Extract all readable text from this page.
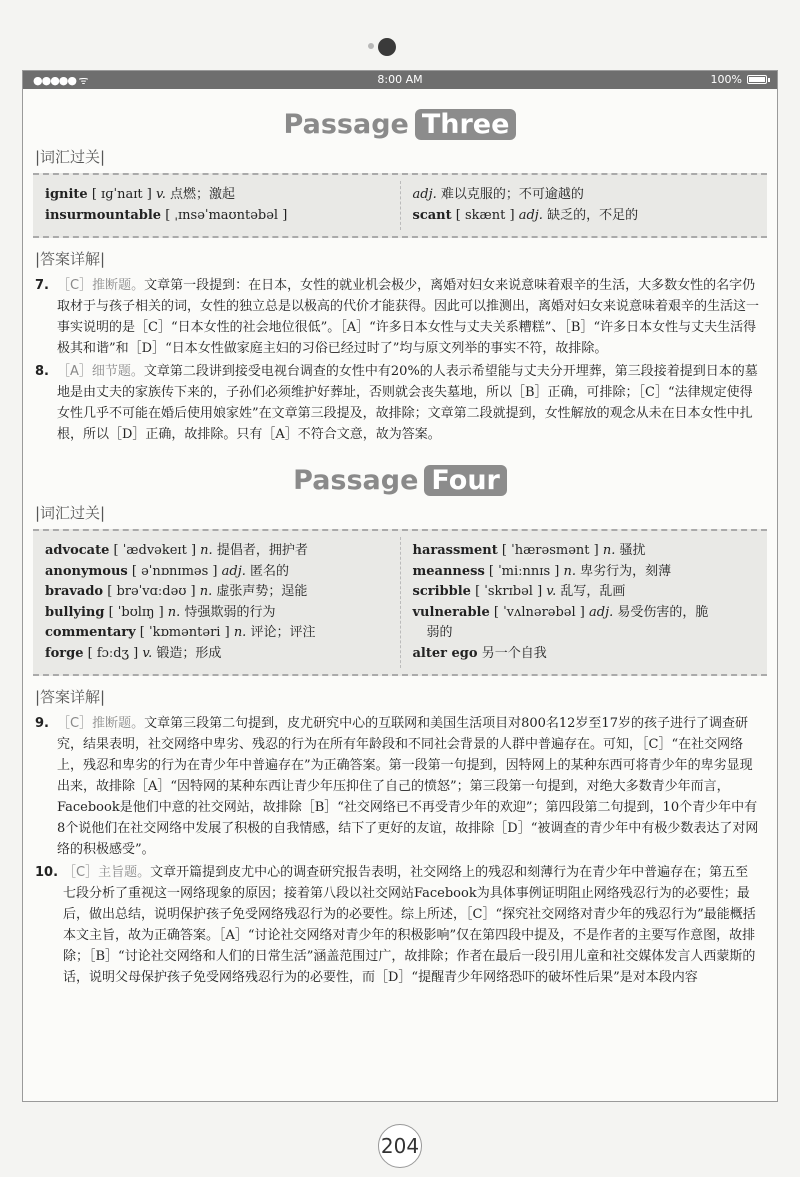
●●●●● ᯤ	8:00 AM	100%
Passage Three
|词汇过关|
ignite [ ɪɡˈnaɪt ] v. 点燃；激起
insurmountable [ ˌɪnsəˈmaʊntəbəl ]
adj. 难以克服的；不可逾越的
scant [ skænt ] adj. 缺乏的，不足的
|答案详解|
7. ［C］推断题。文章第一段提到：在日本，女性的就业机会极少，离婚对妇女来说意味着艰辛的生活，大多数女性的名字仍取材于与孩子相关的词，女性的独立总是以极高的代价才能获得。因此可以推测出，离婚对妇女来说意味着艰辛的生活这一事实说明的是［C］“日本女性的社会地位很低”。［A］“许多日本女性与丈夫关系糟糕”、［B］“许多日本女性与丈夫生活得极其和谐”和［D］“日本女性做家庭主妇的习俗已经过时了”均与原文列举的事实不符，故排除。
8. ［A］细节题。文章第二段讲到接受电视台调查的女性中有20%的人表示希望能与丈夫分开埋葬，第三段接着提到日本的墓地是由丈夫的家族传下来的，子孙们必须维护好葬址，否则就会丧失墓地，所以［B］正确，可排除；［C］“法律规定使得女性几乎不可能在婚后使用娘家姓”在文章第三段提及，故排除；文章第二段就提到，女性解放的观念从未在日本女性中扎根，所以［D］正确，故排除。只有［A］不符合文意，故为答案。
Passage Four
|词汇过关|
advocate [ ˈædvəkeɪt ] n. 提倡者，拥护者
anonymous [ əˈnɒnɪməs ] adj. 匿名的
bravado [ brəˈvɑːdəʊ ] n. 虚张声势；逞能
bullying [ ˈbʊlɪŋ ] n. 恃强欺弱的行为
commentary [ ˈkɒməntəri ] n. 评论；评注
forge [ fɔːdʒ ] v. 锻造；形成
harassment [ ˈhærəsmənt ] n. 骚扰
meanness [ ˈmiːnnɪs ] n. 卑劣行为，刻薄
scribble [ ˈskrɪbəl ] v. 乱写，乱画
vulnerable [ ˈvʌlnərəbəl ] adj. 易受伤害的，脆
弱的
alter ego 另一个自我
|答案详解|
9. ［C］推断题。文章第三段第二句提到，皮尤研究中心的互联网和美国生活项目对800名12岁至17岁的孩子进行了调查研究，结果表明，社交网络中卑劣、残忍的行为在所有年龄段和不同社会背景的人群中普遍存在。可知，［C］“在社交网络上，残忍和卑劣的行为在青少年中普遍存在”为正确答案。第一段第一句提到，因特网上的某种东西可将青少年的卑劣显现出来，故排除［A］“因特网的某种东西让青少年压抑住了自己的愤怒”；第三段第一句提到，对绝大多数青少年而言，Facebook是他们中意的社交网站，故排除［B］“社交网络已不再受青少年的欢迎”；第四段第二句提到，10个青少年中有8个说他们在社交网络中发展了积极的自我情感，结下了更好的友谊，故排除［D］“被调查的青少年中有极少数表达了对网络的积极感受”。
10. ［C］主旨题。文章开篇提到皮尤中心的调查研究报告表明，社交网络上的残忍和刻薄行为在青少年中普遍存在；第五至七段分析了重视这一网络现象的原因；接着第八段以社交网站Facebook为具体事例证明阻止网络残忍行为的必要性；最后，做出总结，说明保护孩子免受网络残忍行为的必要性。综上所述，［C］“探究社交网络对青少年的残忍行为”最能概括本文主旨，故为正确答案。［A］“讨论社交网络对青少年的积极影响”仅在第四段中提及，不是作者的主要写作意图，故排除；［B］“讨论社交网络和人们的日常生活”涵盖范围过广，故排除；作者在最后一段引用儿童和社交媒体发言人西蒙斯的话，说明父母保护孩子免受网络残忍行为的必要性，而［D］“提醒青少年网络恐吓的破坏性后果”是对本段内容
204
